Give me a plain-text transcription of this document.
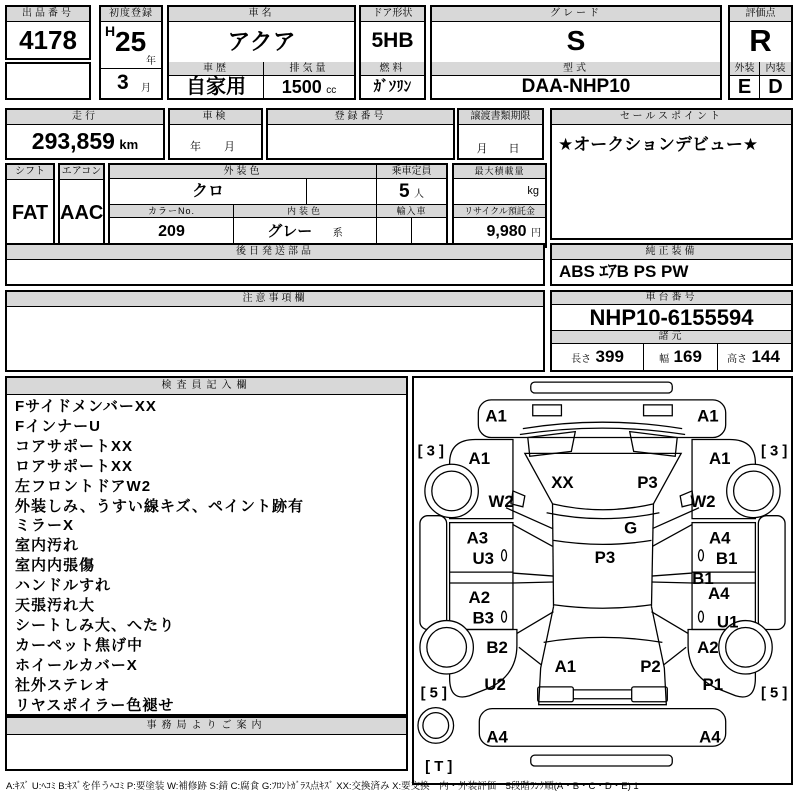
出品番号
4178
初度登録
H 25
年
3 月
車名
アクア
車歴	排気量
自家用	1500 cc
ドア形状
5HB
燃料
ｶﾞｿﾘﾝ
グレード
S
型式
DAA-NHP10
評価点
R
外装	内装
E D
走行
293,859 km
車検
年　月
登録番号	譲渡書類期限
月　日
セールスポイント
★オークションデビュー★
シフト
FAT
エアコン
AAC
外装色	乗車定員
クロ	5 人
カラーNo.	内装色	輸入車
209	グレー 系
最大積載量
kg
リサイクル預託金
9,980 円
後日発送部品	純正装備
ABS ｴｱB PS PW
注意事項欄	車台番号
NHP10-6155594
諸元
長さ 399	幅 169	高さ 144
検査員記入欄
FサイドメンバーXX
FインナーU
コアサポートXX
ロアサポートXX
左フロントドアW2
外装しみ、うすい線キズ、ペイント跡有
ミラーX
室内汚れ
室内内張傷
ハンドルすれ
天張汚れ大
シートしみ大、へたり
カーペット焦げ中
ホイールカバーX
社外ステレオ
リヤスポイラー色褪せ
事務局よりご案内
[ 3 ]	[ 3 ]
A1	A1
A1	A1
W2	W2
XX	P3
G
P3
A3
U3
A2
B3
A4
B1
B1
A4
U1
B2
U2
A2
P1
A1	P2
[ 5 ]	[ 5 ]
A4	A4
[ T ]
A:ｷｽﾞ U:ﾍｺﾐ B:ｷｽﾞを伴うﾍｺﾐ P:要塗装 W:補修跡 S:錆 C:腐食 G:ﾌﾛﾝﾄｶﾞﾗｽ点ｷｽﾞ XX:交換済み X:要交換　内・外装評価　5段階ﾗﾝｸ順(A・B・C・D・E) 1
